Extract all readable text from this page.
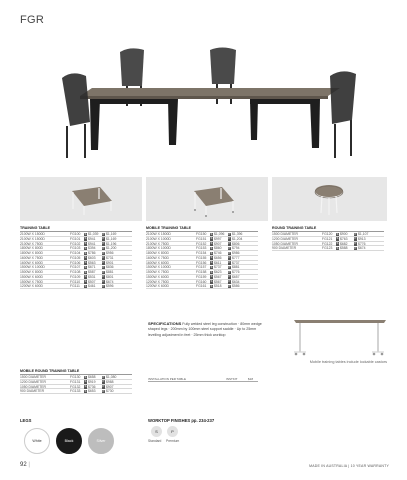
FGR
TRAINING TABLE
2100W X 1500D	FG100 S $1,039 P $1,169
2100W X 1500D	FG101 S $941 P $1,169
2100W X 750D	FG102 S $941 P $1,196
1800W X 800D	FG103 S $394 P $1,200
1800W X 800D	FG104 S $786 P $956
1600W X 750D	FG105 S $603 P $731
1600W X 600D	FG106 S $563 P $901
1500W X 1000D	FG107 S $671 P $836
1500W X 800D	FG108 S $587 P $881
1500W X 600D	FG109 S $531 P $801
1500W X 750D	FG110 S $507 P $674
1200W X 600D	FG111 S $461 P $596
MOBILE TRAINING TABLE
2100W X 1500D	FG150 S $1,096 P $1,396
2100W X 1000D	FG151 S $997 P $1,204
2100W X 750D	FG152 S $907 P $806
1800W X 1000D	FG153 S $860 P $794
1800W X 800D	FG154 S $746 P $986
1600W X 750D	FG155 S $656 P $777
1600W X 600D	FG156 S $611	P $737
1500W X 1000D	FG157 S $737 P $881
1500W X 750D	FG158 S $623 P $776
1500W X 600D	FG159 S $567 P $657
1200W X 750D	FG160 S $567 P $634
1200W X 600D	FG161 S $518 P $586
ROUND TRAINING TABLE
1500 DIAMETER	FG120 S $900 P $1,107
1200 DIAMETER	FG121 S $763 P $913
1050 DIAMETER	FG122 S $682 P $776
900 DIAMETER	FG123 S $588 P $674
SPECIFICATIONS Fully welded steel leg construction · 80mm wedge shaped legs · 200mm by 100mm steel support saddle · Up to 25mm levelling adjustment in feet · 25mm thick worktop
Mobile training tables include lockable castors
MOBILE ROUND TRAINING TABLE
1500 DIAMETER	FG130 S $658 P $1,080
1200 DIAMETER	FG131 S $919 P $988
1050 DIAMETER	FG132 S $736 P $907
900 DIAMETER	FG133 S $653 P $730
INSTALLATION PER TABLE	INSTKIT	$18
LEGS
White	Black	Silver
WORKTOP FINISHES pp. 234-237
S	P
Standard Premium
92 |	MADE IN AUSTRALIA | 10 YEAR WARRANTY
